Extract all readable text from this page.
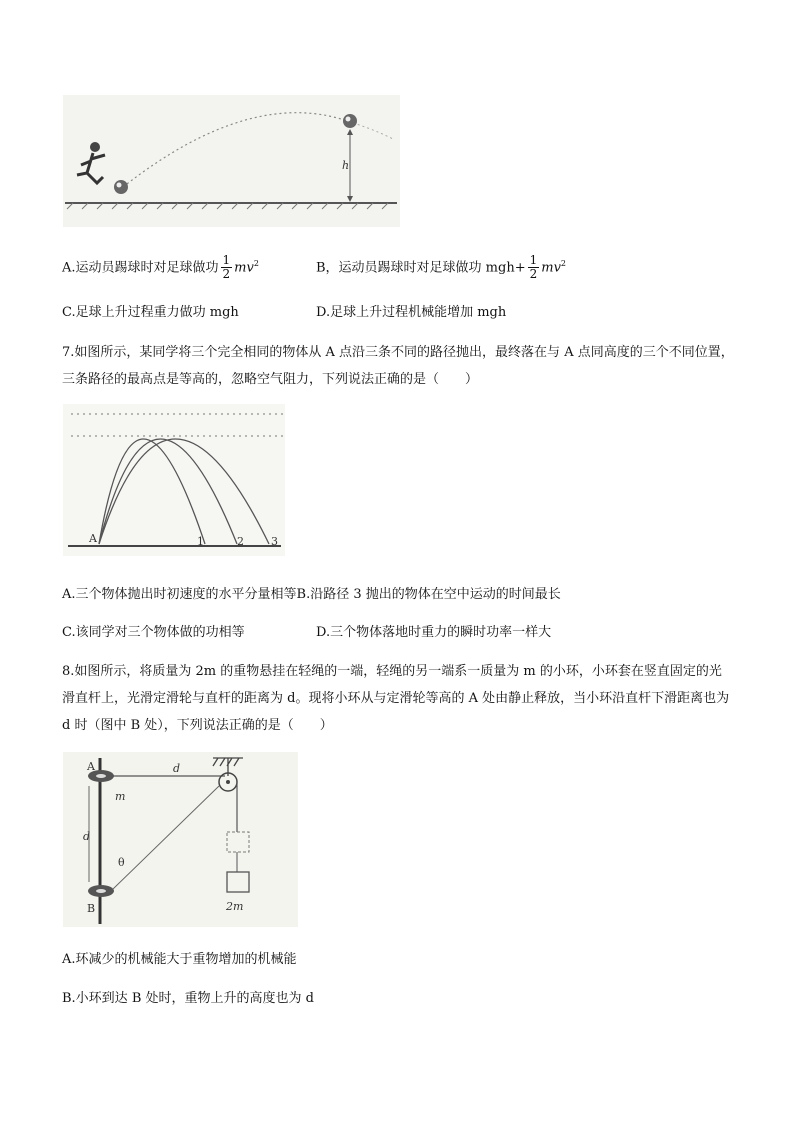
h
A.运动员踢球时对足球做功 $\frac{1}{2} mv^2$	B，运动员踢球时对足球做功 $mgh+ \frac{1}{2} mv^2$
C.足球上升过程重力做功 mgh	D.足球上升过程机械能增加 mgh
7.如图所示，某同学将三个完全相同的物体从 A 点沿三条不同的路径抛出，最终落在与 A 点同高度的三个不同位置，三条路径的最高点是等高的，忽略空气阻力，下列说法正确的是（　　）
A	1	2 3
A.三个物体抛出时初速度的水平分量相等B.沿路径 3 抛出的物体在空中运动的时间最长
C.该同学对三个物体做的功相等	D.三个物体落地时重力的瞬时功率一样大
8.如图所示，将质量为 2m 的重物悬挂在轻绳的一端，轻绳的另一端系一质量为 m 的小环，小环套在竖直固定的光滑直杆上，光滑定滑轮与直杆的距离为 d。现将小环从与定滑轮等高的 A 处由静止释放，当小环沿直杆下滑距离也为 d 时（图中 B 处），下列说法正确的是（　　）
A
B
d
d
m
θ
2m
A.环减少的机械能大于重物增加的机械能
B.小环到达 B 处时，重物上升的高度也为 d
